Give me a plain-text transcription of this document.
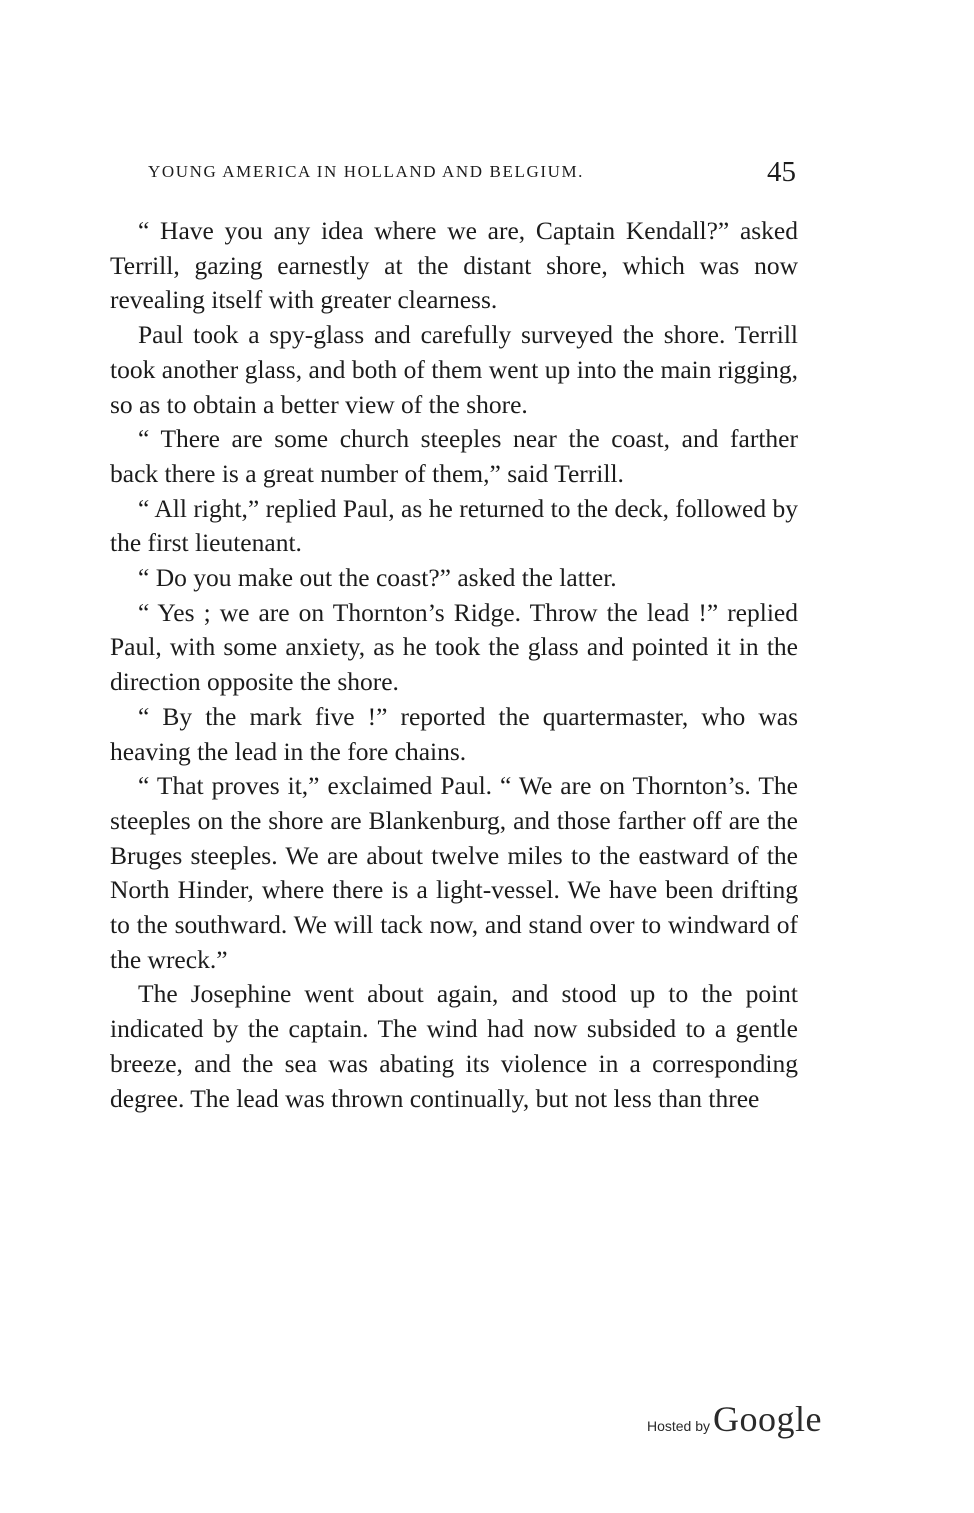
YOUNG AMERICA IN HOLLAND AND BELGIUM.	45

“ Have you any idea where we are, Captain Kendall?” asked Terrill, gazing earnestly at the distant shore, which was now revealing itself with greater clearness.

Paul took a spy-glass and carefully surveyed the shore. Terrill took another glass, and both of them went up into the main rigging, so as to obtain a better view of the shore.

“ There are some church steeples near the coast, and farther back there is a great number of them,” said Terrill.

“ All right,” replied Paul, as he returned to the deck, followed by the first lieutenant.

“ Do you make out the coast?” asked the latter.

“ Yes ; we are on Thornton’s Ridge. Throw the lead !” replied Paul, with some anxiety, as he took the glass and pointed it in the direction opposite the shore.

“ By the mark five !” reported the quartermaster, who was heaving the lead in the fore chains.

“ That proves it,” exclaimed Paul. “ We are on Thornton’s. The steeples on the shore are Blankenburg, and those farther off are the Bruges steeples. We are about twelve miles to the eastward of the North Hinder, where there is a light-vessel. We have been drifting to the southward. We will tack now, and stand over to windward of the wreck.”

The Josephine went about again, and stood up to the point indicated by the captain. The wind had now subsided to a gentle breeze, and the sea was abating its violence in a corresponding degree. The lead was thrown continually, but not less than three

Hosted by Google
